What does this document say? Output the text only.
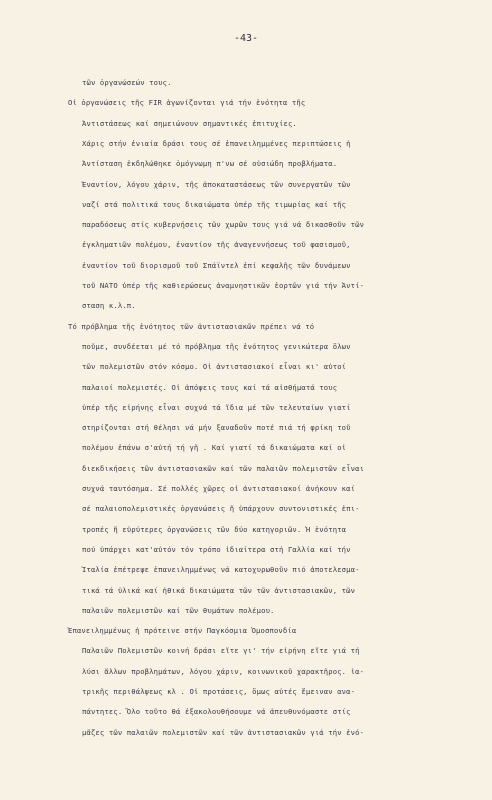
-43-
τῶν ὀργανώσεών τους.
Οἱ ὀργανώσεις τῆς FIR ἀγωνίζονται γιά τήν ἑνότητα τῆς
Ἀντιστάσεως καί σημειώνουν σημαντικές ἐπιτυχίες.
Χάρις στήν ἑνιαία δράσι τους σέ ἐπανειλημμένες περιπτώσεις ἡ
Ἀντίσταση ἐκδηλώθηκε ὁμόγνωμη π'νω σέ οὐσιώδη προβλήματα.
Ἐναντίον, λόγου χάριν, τῆς ἀποκαταστάσεως τῶν συνεργατῶν τῶν
ναζί στά πολιτικά τους δικαιώματα ὑπέρ τῆς τιμωρίας καί τῆς
παραδόσεως στίς κυβερνήσεις τῶν χωρῶν τους γιά νά δικασθοῦν τῶν
ἐγκληματιῶν πολέμου, ἐναντίον τῆς ἀναγεννήσεως τοῦ φασισμοῦ,
ἐναντίον τοῦ διορισμοῦ τοῦ Σπάϊντελ ἐπί κεφαλῆς τῶν δυνάμεων
τοῦ ΝΑΤΟ ὑπέρ τῆς καθιερώσεως ἀναμνηστικῶν ἑορτῶν γιά τήν Ἀντί-
σταση κ.λ.π.
Τό πρόβλημα τῆς ἑνότητος τῶν ἀντιστασιακῶν πρέπει νά τό
ποῦμε, συνδέεται μέ τό πρόβλημα τῆς ἑνότητος γενικώτερα ὅλων
τῶν πολεμιστῶν στόν κόσμο. Οἱ ἀντιστασιακοί εἶναι κι' αὐτοί
παλαιοί πολεμιστές. Οἱ ἀπόψεις τους καί τά αἰσθήματά τους
ὑπέρ τῆς εἰρήνης εἶναι συχνά τά ἴδια μέ τῶν τελευταίων γιατί
στηρίζονται στή θέλησι νά μήν ξαναδοῦν ποτέ πιά τή φρίκη τοῦ
πολέμου ἐπάνω σ'αὐτή τή γῆ . Καί γιατί τά δικαιώματα καί οἱ
διεκδικήσεις τῶν ἀντιστασιακῶν καί τῶν παλαιῶν πολεμιστῶν εἶναι
συχνά ταυτόσημα. Σέ πολλές χῶρες οἱ ἀντιστασιακοί ἀνήκουν καί
σέ παλαιοπολεμιστικές ὀργανώσεις ἤ ὑπάρχουν συντονιστικές ἐπι-
τροπές ἤ εὐρύτερες ὀργανώσεις τῶν δύο κατηγοριῶν. Ἡ ἑνότητα
πού ὑπάρχει κατ'αὐτόν τόν τρόπο ἰδιαίτερα στή Γαλλία καί τήν
Ἰταλία ἐπέτρεψε ἐπανειλημμένως νά κατοχυρωθοῦν πιό ἀποτελεσμα-
τικά τά ὑλικά καί ἠθικά δικαιώματα τῶν τῶν ἀντιστασιακῶν, τῶν
παλαιῶν πολεμιστῶν καί τῶν θυμάτων πολέμου.
Ἐπανειλημμένως ἡ πρότεινε στήν Παγκόσμια Ὁμοσπονδία
Παλαιῶν Πολεμιστῶν κοινή δράσι εἴτε γι' τήν εἰρήνη εἴτε γιά τή
λύσι ἄλλων προβλημάτων, λόγου χάριν, κοινωνικοῦ χαρακτῆρος. ἰα-
τρικῆς περιθάλψεως κλ . Οἱ προτάσεις, ὅμως αὐτές ἔμειναν ανα-
πάντητες. Ὅλο τοῦτο θά ἐξακολουθήσουμε νά ἀπευθυνόμαστε στίς
μᾶζες τῶν παλαιῶν πολεμιστῶν καί τῶν ἀντιστασιακῶν γιά τήν ἑνό-
